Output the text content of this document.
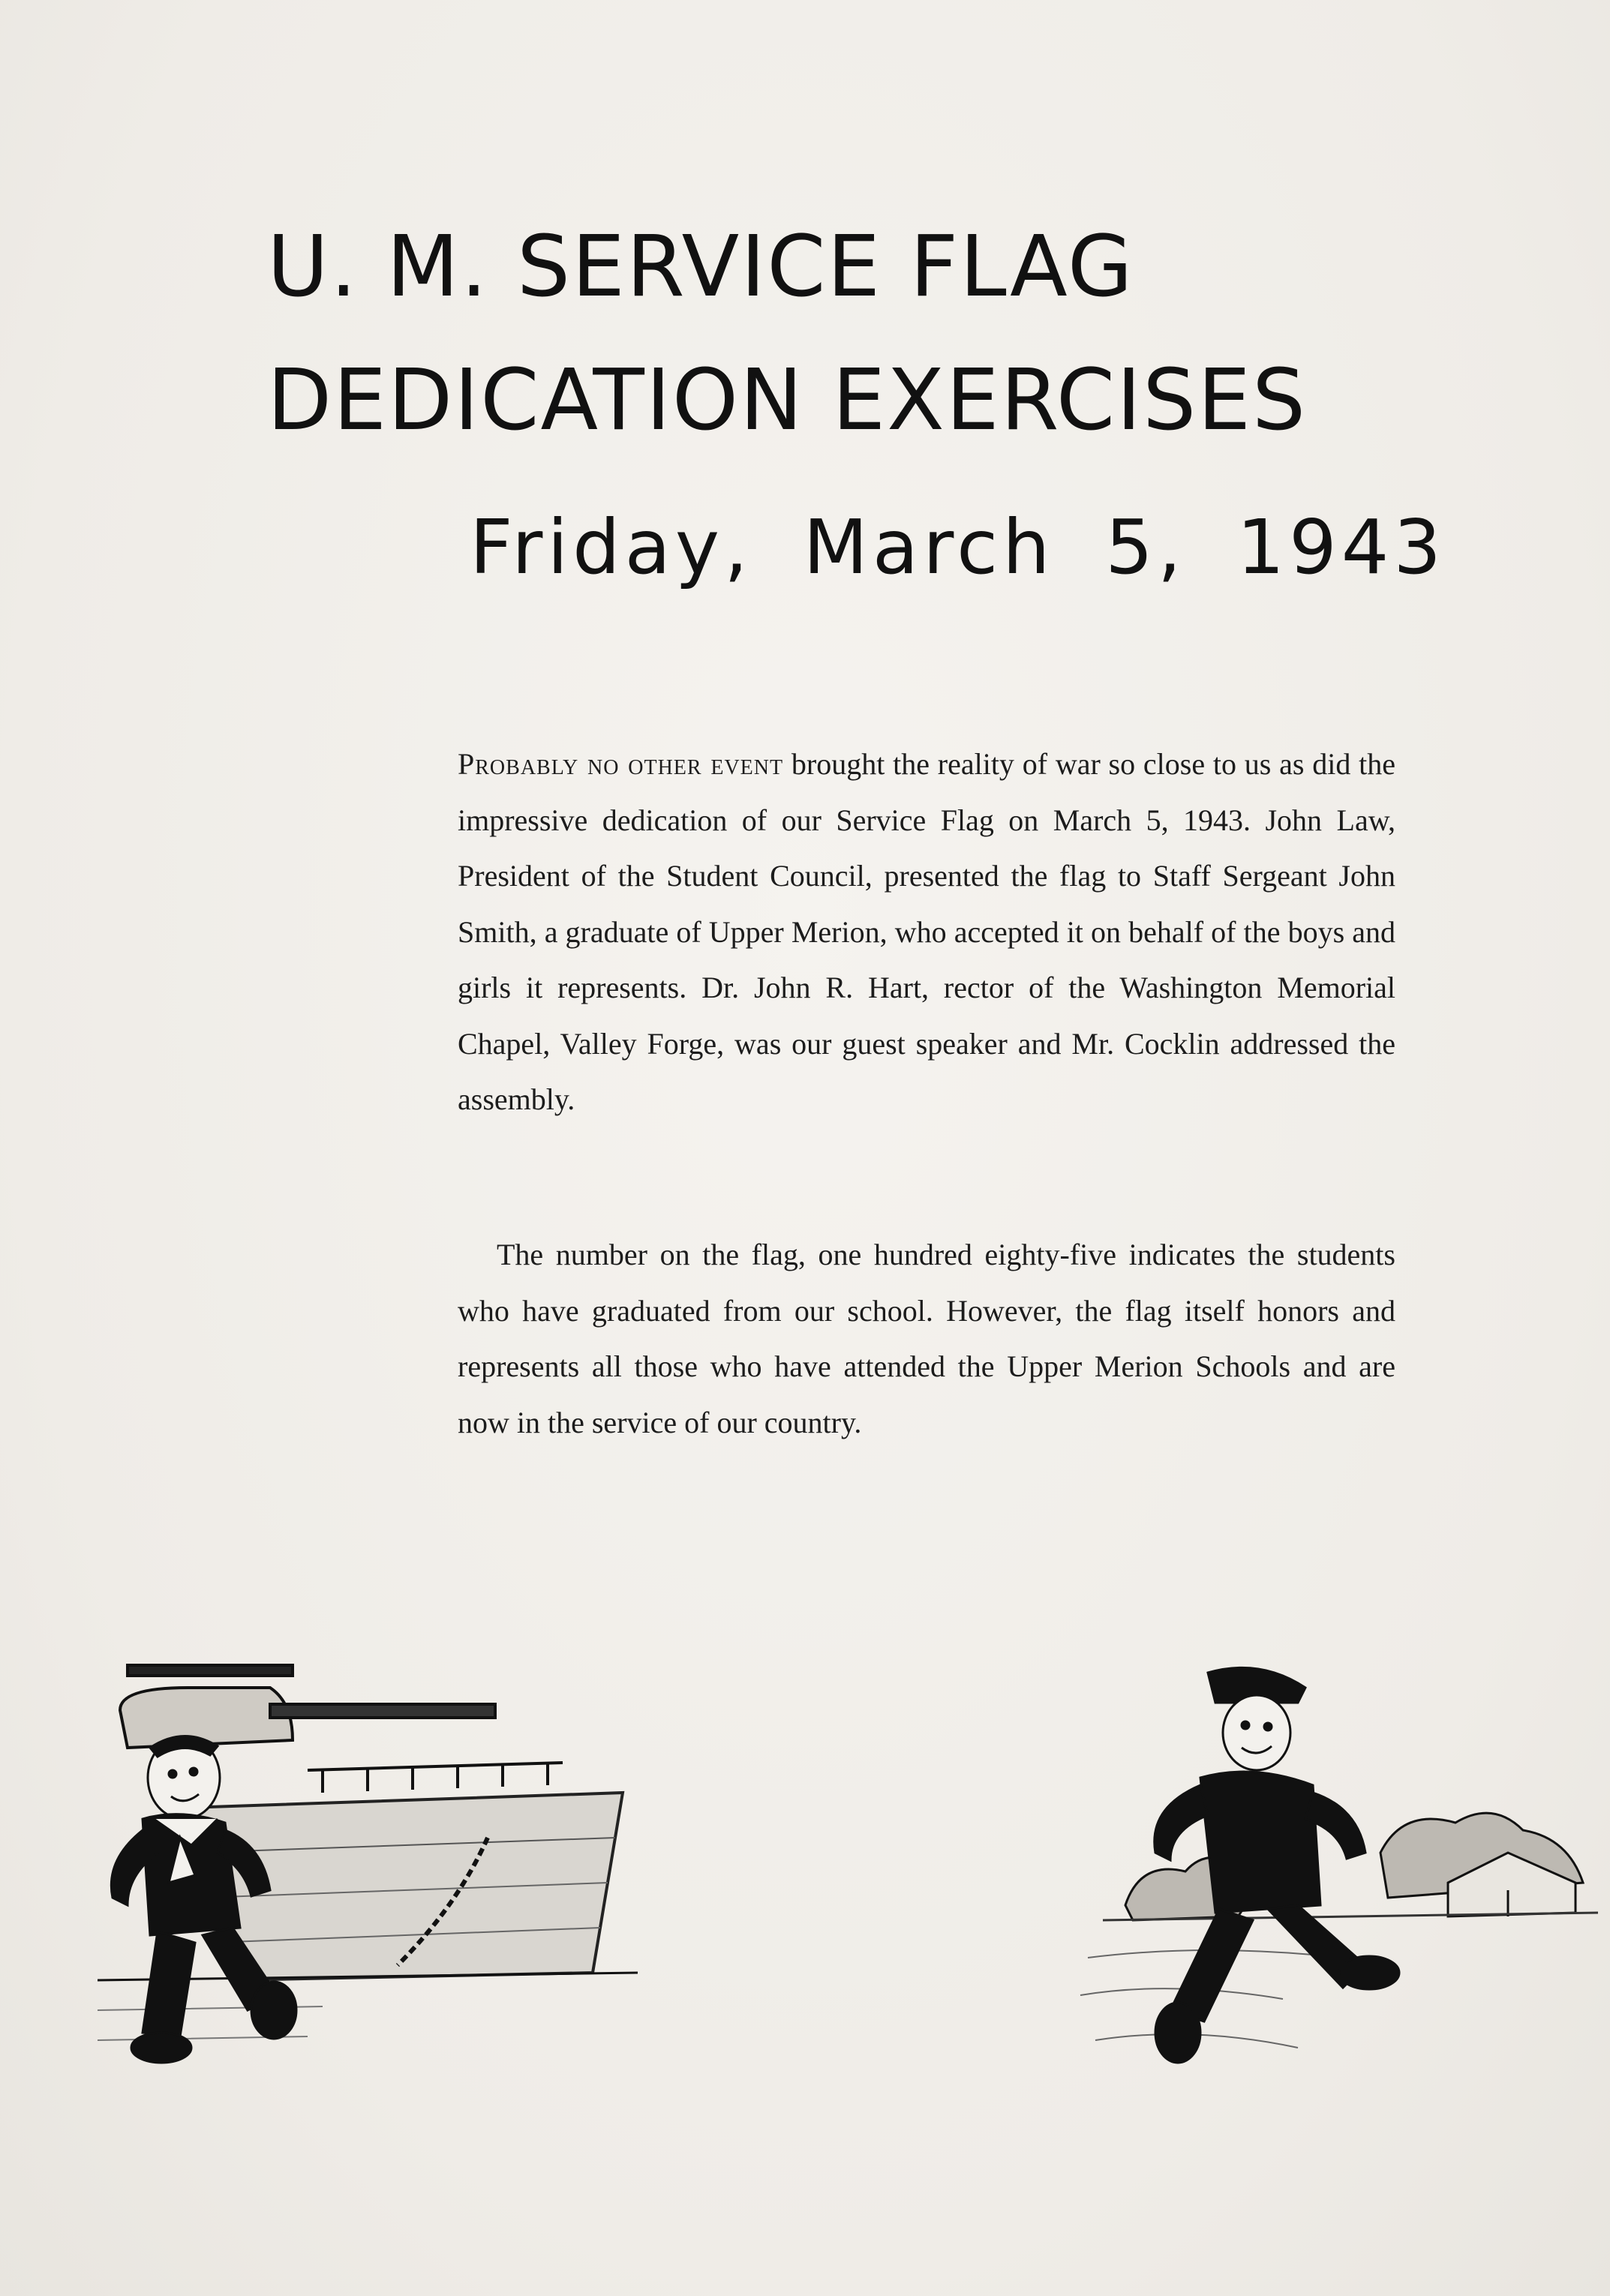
U. M. SERVICE FLAG
DEDICATION EXERCISES
Friday, March 5, 1943

Probably no other event brought the reality of war so close to us as did the impressive dedication of our Service Flag on March 5, 1943. John Law, President of the Student Council, presented the flag to Staff Sergeant John Smith, a graduate of Upper Merion, who accepted it on behalf of the boys and girls it represents. Dr. John R. Hart, rector of the Washington Memorial Chapel, Valley Forge, was our guest speaker and Mr. Cocklin addressed the assembly.

The number on the flag, one hundred eighty-five indicates the students who have graduated from our school. However, the flag itself honors and represents all those who have attended the Upper Merion Schools and are now in the service of our country.
